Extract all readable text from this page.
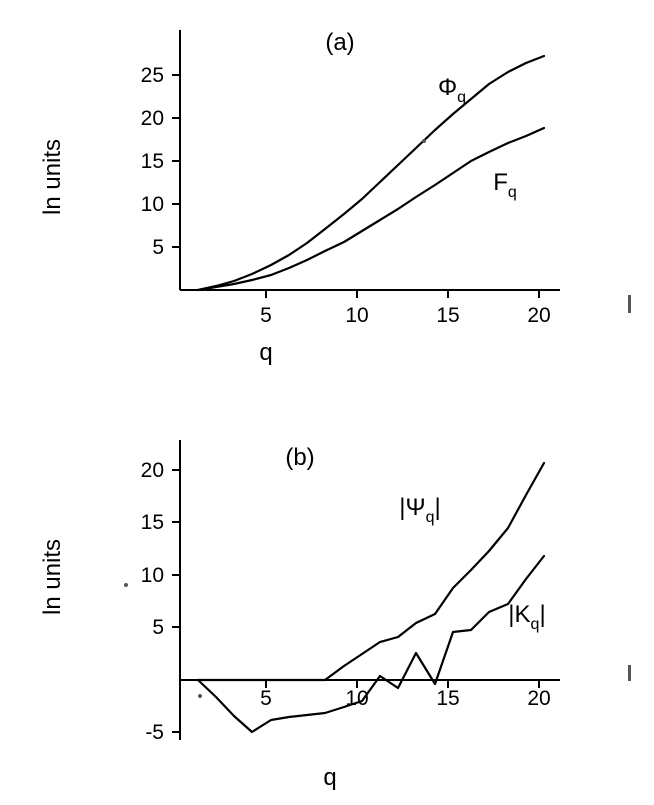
5
10
15
20
25
5	10	15	20
ln units
q
(a)
$\Phi_q$
$F_q$
20
15
10
5
-5
5	10	15	20
ln units
q
(b)
$|\Psi_q|$
$|K_q|$
